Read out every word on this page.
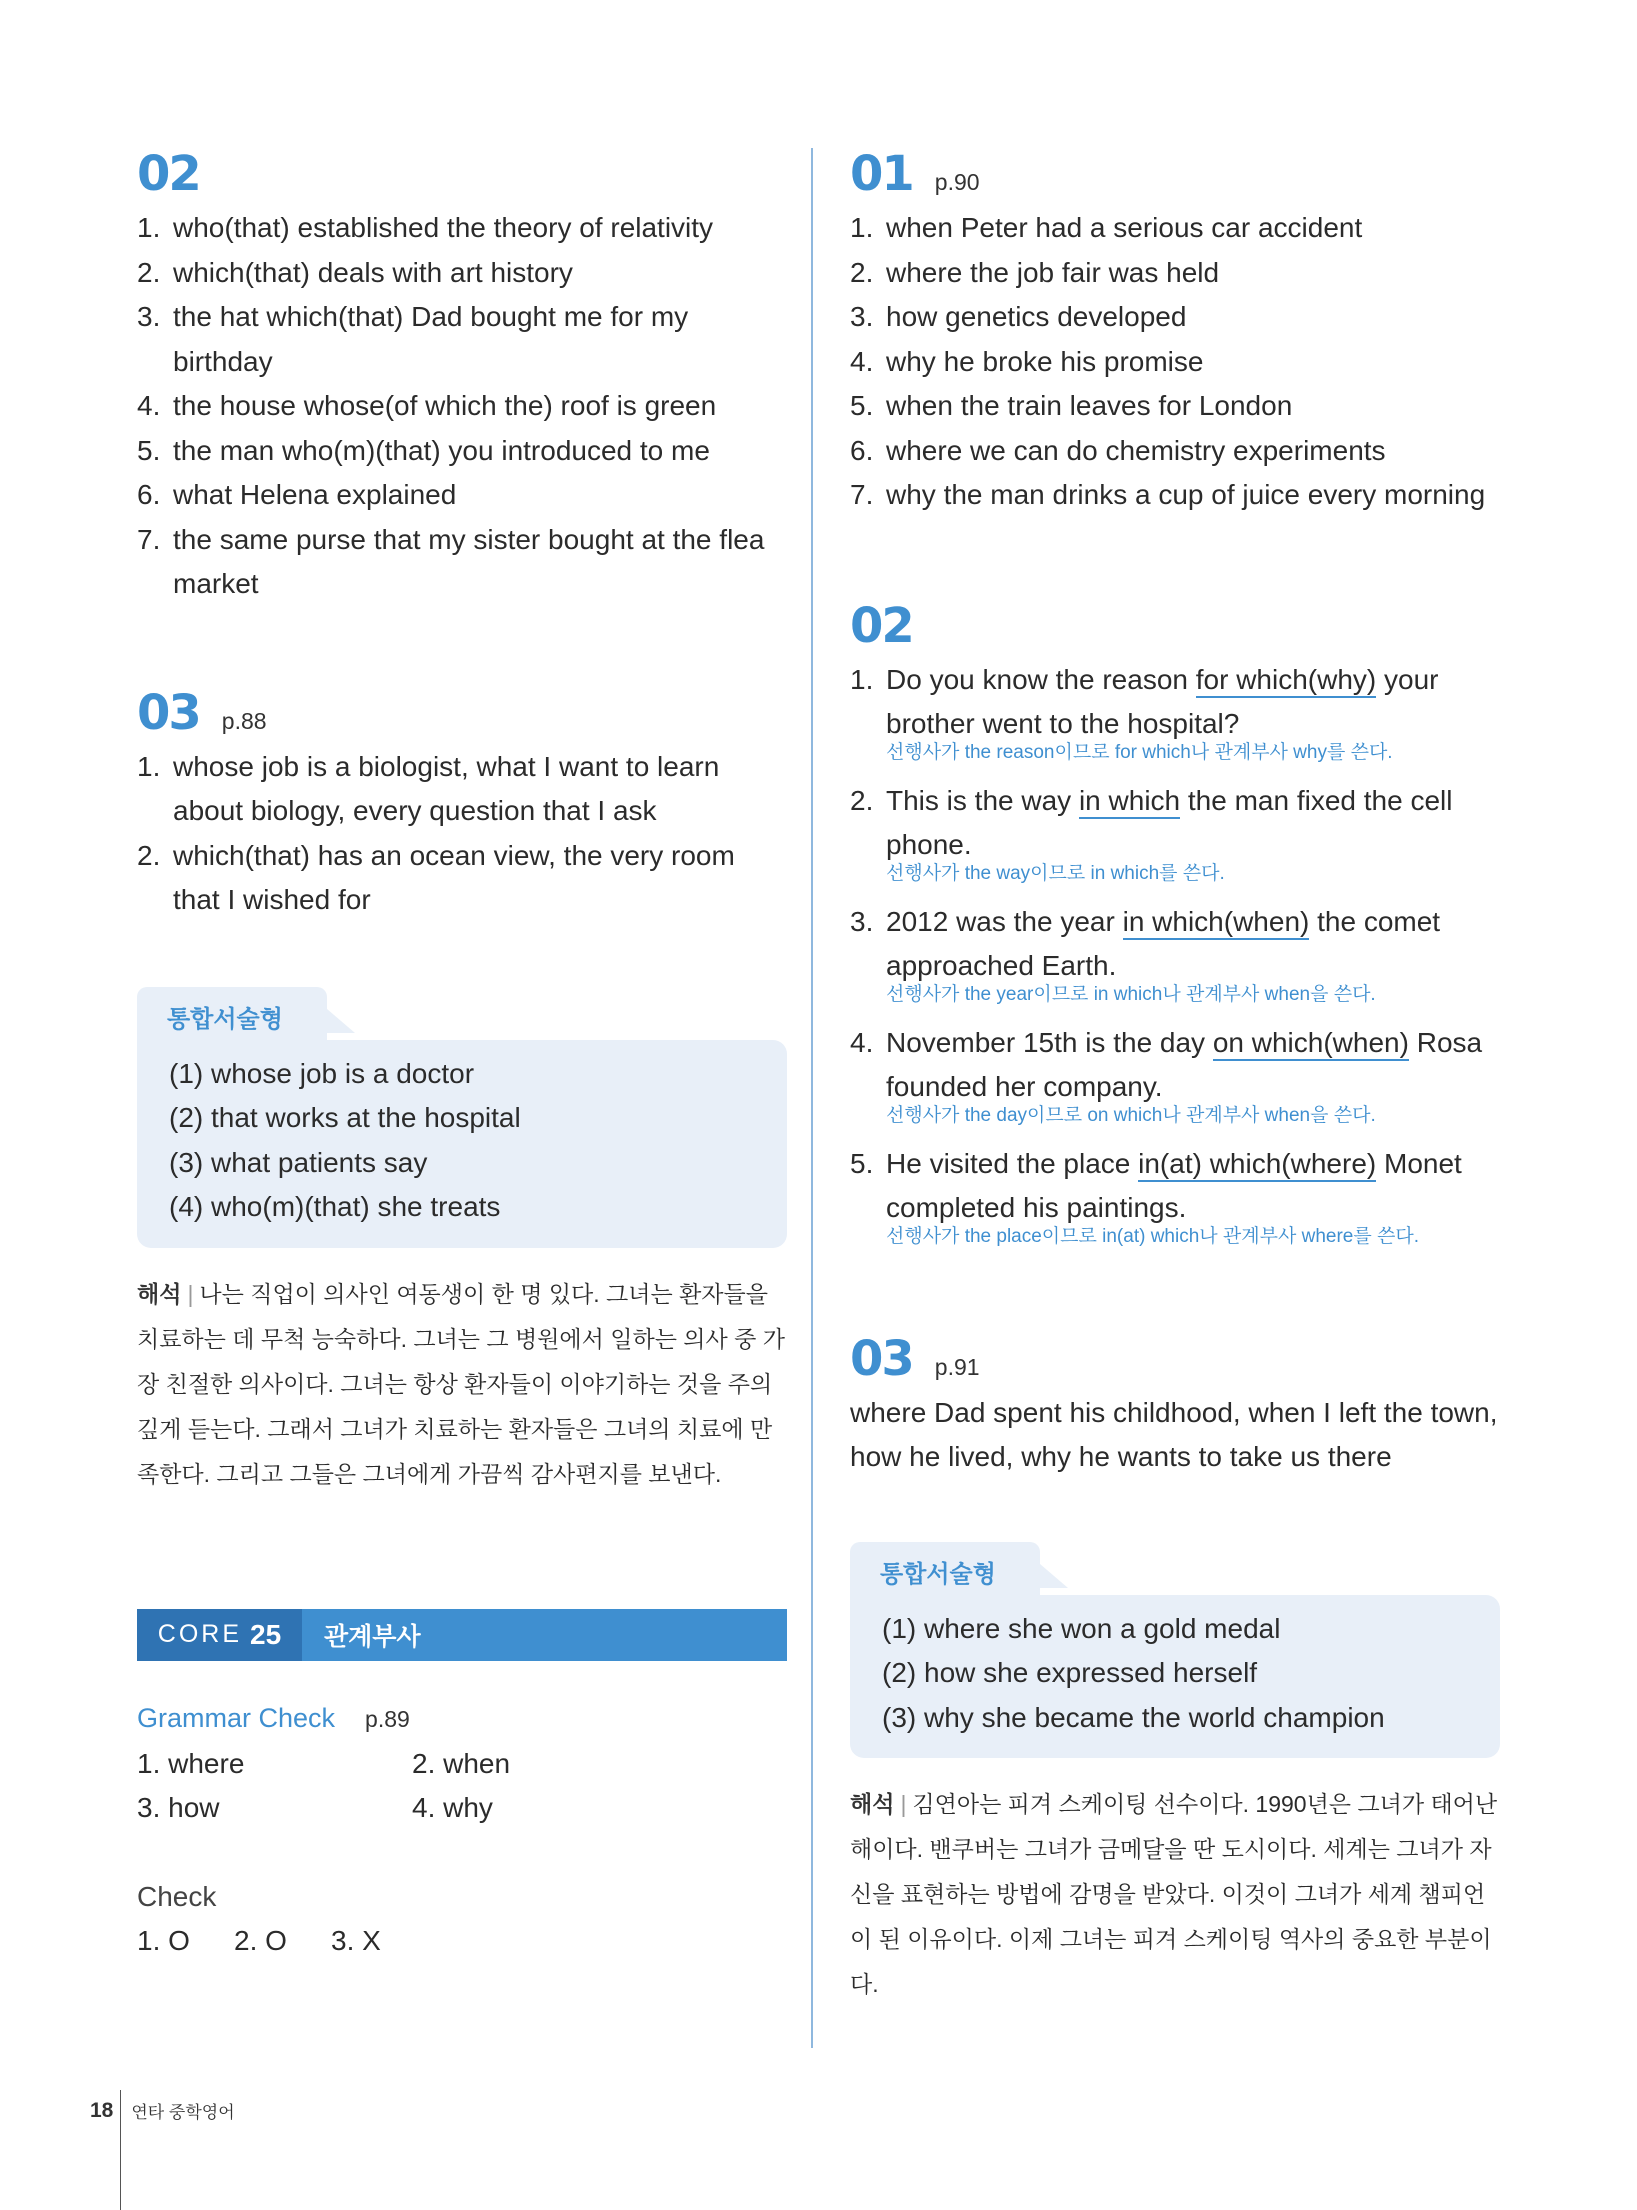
02
1. who(that) established the theory of relativity
2. which(that) deals with art history
3. the hat which(that) Dad bought me for my birthday
4. the house whose(of which the) roof is green
5. the man who(m)(that) you introduced to me
6. what Helena explained
7. the same purse that my sister bought at the flea market
03 p.88
1. whose job is a biologist, what I want to learn about biology, every question that I ask
2. which(that) has an ocean view, the very room that I wished for
통합서술형

(1) whose job is a doctor

(2) that works at the hospital

(3) what patients say

(4) who(m)(that) she treats

해석 | 나는 직업이 의사인 여동생이 한 명 있다. 그녀는 환자들을 치료하는 데 무척 능숙하다. 그녀는 그 병원에서 일하는 의사 중 가장 친절한 의사이다. 그녀는 항상 환자들이 이야기하는 것을 주의 깊게 듣는다. 그래서 그녀가 치료하는 환자들은 그녀의 치료에 만족한다. 그리고 그들은 그녀에게 가끔씩 감사편지를 보낸다.
CORE 25	관계부사
Grammar Check p.89
1. where	2. when
3. how	4. why
Check
1. O	2. O	3. X
01 p.90
1. when Peter had a serious car accident
2. where the job fair was held
3. how genetics developed
4. why he broke his promise
5. when the train leaves for London
6. where we can do chemistry experiments
7. why the man drinks a cup of juice every morning
02
1. Do you know the reason for which(why) your brother went to the hospital?
선행사가 the reason이므로 for which나 관계부사 why를 쓴다.
2. This is the way in which the man fixed the cell phone.
선행사가 the way이므로 in which를 쓴다.
3. 2012 was the year in which(when) the comet approached Earth.
선행사가 the year이므로 in which나 관계부사 when을 쓴다.
4. November 15th is the day on which(when) Rosa founded her company.
선행사가 the day이므로 on which나 관계부사 when을 쓴다.
5. He visited the place in(at) which(where) Monet completed his paintings.
선행사가 the place이므로 in(at) which나 관계부사 where를 쓴다.
03 p.91

where Dad spent his childhood, when I left the town, how he lived, why he wants to take us there

통합서술형

(1) where she won a gold medal

(2) how she expressed herself

(3) why she became the world champion

해석 | 김연아는 피겨 스케이팅 선수이다. 1990년은 그녀가 태어난 해이다. 밴쿠버는 그녀가 금메달을 딴 도시이다. 세계는 그녀가 자신을 표현하는 방법에 감명을 받았다. 이것이 그녀가 세계 챔피언이 된 이유이다. 이제 그녀는 피겨 스케이팅 역사의 중요한 부분이다.
18 연타 중학영어
